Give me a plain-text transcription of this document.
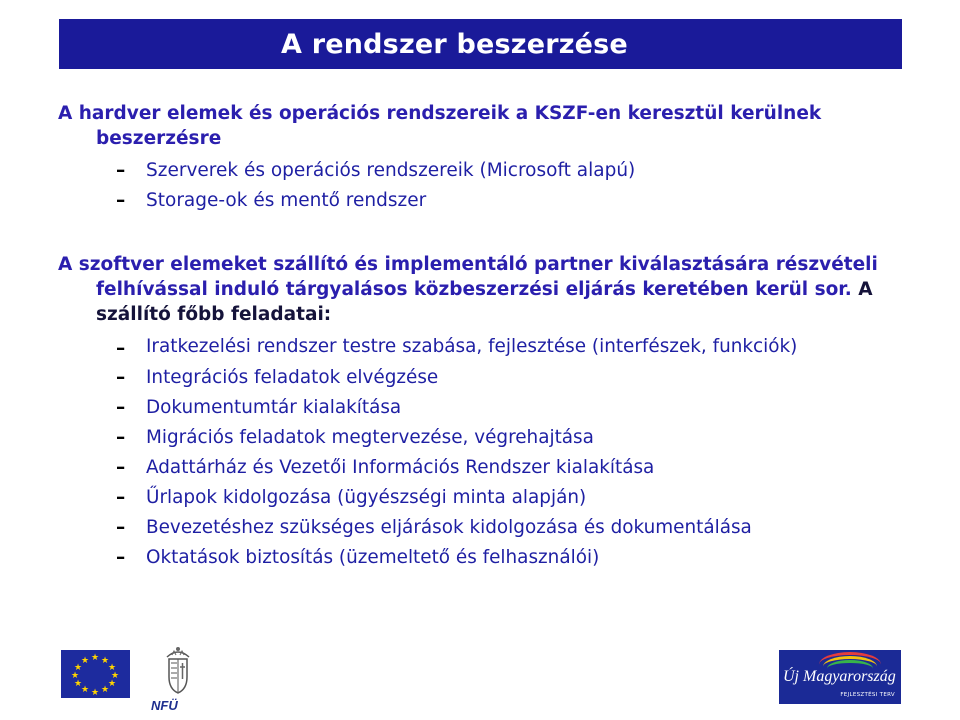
A rendszer beszerzése

A hardver elemek és operációs rendszereik a KSZF-en keresztül kerülnek beszerzésre

– Szerverek és operációs rendszereik (Microsoft alapú)
– Storage-ok és mentő rendszer

A szoftver elemeket szállító és implementáló partner kiválasztására részvételi felhívással induló tárgyalásos közbeszerzési eljárás keretében kerül sor. A szállító főbb feladatai:

– Iratkezelési rendszer testre szabása, fejlesztése (interfészek, funkciók)
– Integrációs feladatok elvégzése
– Dokumentumtár kialakítása
– Migrációs feladatok megtervezése, végrehajtása
– Adattárház és Vezetői Információs Rendszer kialakítása
– Űrlapok kidolgozása (ügyészségi minta alapján)
– Bevezetéshez szükséges eljárások kidolgozása és dokumentálása
– Oktatások biztosítás (üzemeltető és felhasználói)
★ ★
★
★
★
★
★
★
★
★
★
★
NFÜ
Új Magyarország
FEJLESZTÉSI TERV
